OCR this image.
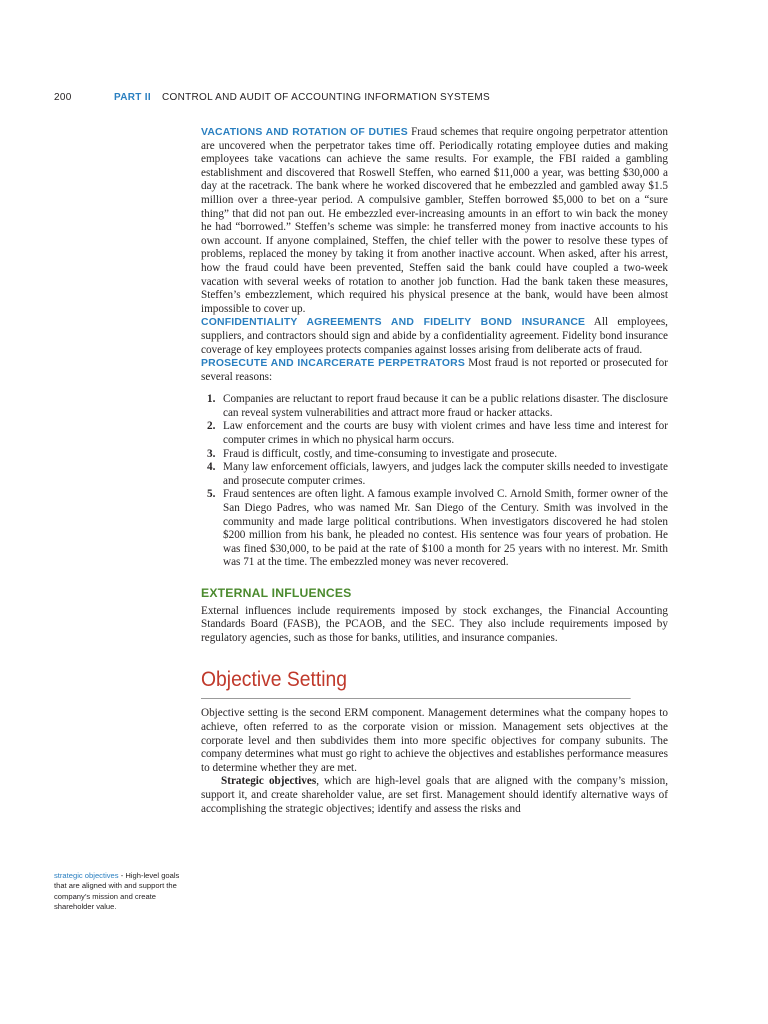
200	PART II CONTROL AND AUDIT OF ACCOUNTING INFORMATION SYSTEMS

VACATIONS AND ROTATION OF DUTIES Fraud schemes that require ongoing perpetrator attention are uncovered when the perpetrator takes time off. Periodically rotating employee duties and making employees take vacations can achieve the same results. For example, the FBI raided a gambling establishment and discovered that Roswell Steffen, who earned $11,000 a year, was betting $30,000 a day at the racetrack. The bank where he worked discovered that he embezzled and gambled away $1.5 million over a three-year period. A compulsive gambler, Steffen borrowed $5,000 to bet on a “sure thing” that did not pan out. He embezzled ever-increasing amounts in an effort to win back the money he had “borrowed.” Steffen’s scheme was simple: he transferred money from inactive accounts to his own account. If anyone complained, Steffen, the chief teller with the power to resolve these types of problems, replaced the money by taking it from another inactive account. When asked, after his arrest, how the fraud could have been prevented, Steffen said the bank could have coupled a two-week vacation with several weeks of rotation to another job function. Had the bank taken these measures, Steffen’s embezzlement, which required his physical presence at the bank, would have been almost impossible to cover up.

CONFIDENTIALITY AGREEMENTS AND FIDELITY BOND INSURANCE All employees, suppliers, and contractors should sign and abide by a confidentiality agreement. Fidelity bond insurance coverage of key employees protects companies against losses arising from deliberate acts of fraud.

PROSECUTE AND INCARCERATE PERPETRATORS Most fraud is not reported or prosecuted for several reasons:

1. Companies are reluctant to report fraud because it can be a public relations disaster. The disclosure can reveal system vulnerabilities and attract more fraud or hacker attacks.
2. Law enforcement and the courts are busy with violent crimes and have less time and interest for computer crimes in which no physical harm occurs.
3. Fraud is difficult, costly, and time-consuming to investigate and prosecute.
4. Many law enforcement officials, lawyers, and judges lack the computer skills needed to investigate and prosecute computer crimes.
5. Fraud sentences are often light. A famous example involved C. Arnold Smith, former owner of the San Diego Padres, who was named Mr. San Diego of the Century. Smith was involved in the community and made large political contributions. When investigators discovered he had stolen $200 million from his bank, he pleaded no contest. His sentence was four years of probation. He was fined $30,000, to be paid at the rate of $100 a month for 25 years with no interest. Mr. Smith was 71 at the time. The embezzled money was never recovered.
EXTERNAL INFLUENCES

External influences include requirements imposed by stock exchanges, the Financial Accounting Standards Board (FASB), the PCAOB, and the SEC. They also include requirements imposed by regulatory agencies, such as those for banks, utilities, and insurance companies.

Objective Setting

Objective setting is the second ERM component. Management determines what the company hopes to achieve, often referred to as the corporate vision or mission. Management sets objectives at the corporate level and then subdivides them into more specific objectives for company subunits. The company determines what must go right to achieve the objectives and establishes performance measures to determine whether they are met.

Strategic objectives, which are high-level goals that are aligned with the company’s mission, support it, and create shareholder value, are set first. Management should identify alternative ways of accomplishing the strategic objectives; identify and assess the risks and

strategic objectives - High-level goals that are aligned with and support the company’s mission and create shareholder value.
